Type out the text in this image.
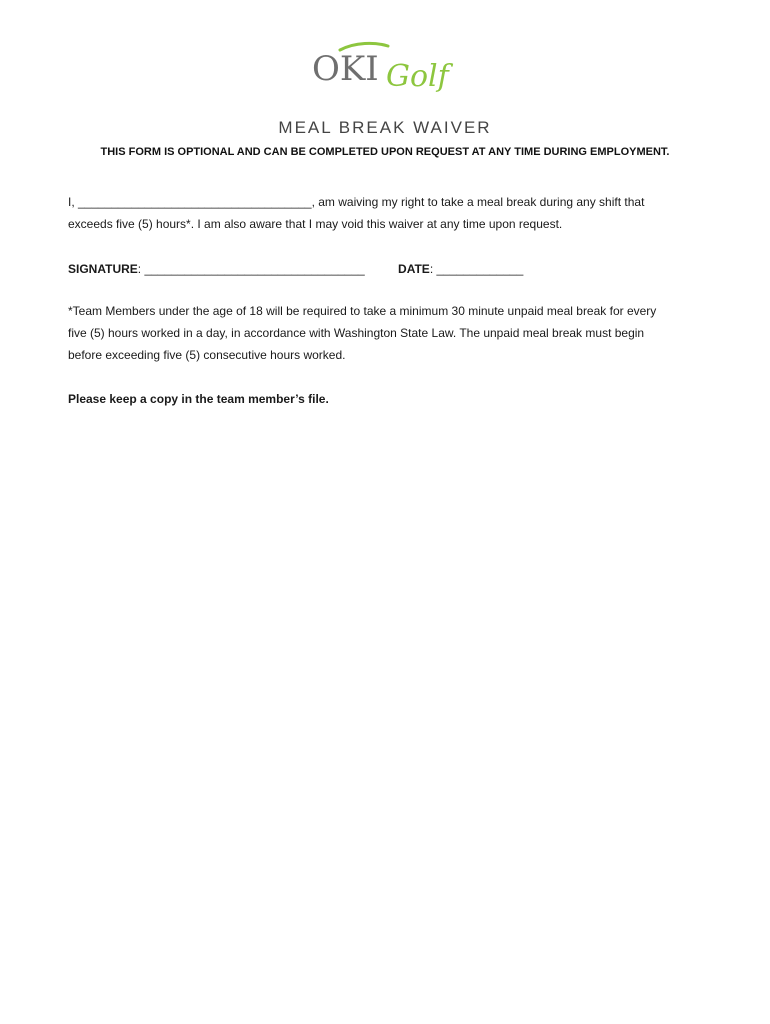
OKI Golf
MEAL BREAK WAIVER
THIS FORM IS OPTIONAL AND CAN BE COMPLETED UPON REQUEST AT ANY TIME DURING EMPLOYMENT.
I, ___________________________________, am waiving my right to take a meal break during any shift that
exceeds five (5) hours*. I am also aware that I may void this waiver at any time upon request.
SIGNATURE: _________________________________	DATE: _____________
*Team Members under the age of 18 will be required to take a minimum 30 minute unpaid meal break for every
five (5) hours worked in a day, in accordance with Washington State Law. The unpaid meal break must begin
before exceeding five (5) consecutive hours worked.
Please keep a copy in the team member’s file.
